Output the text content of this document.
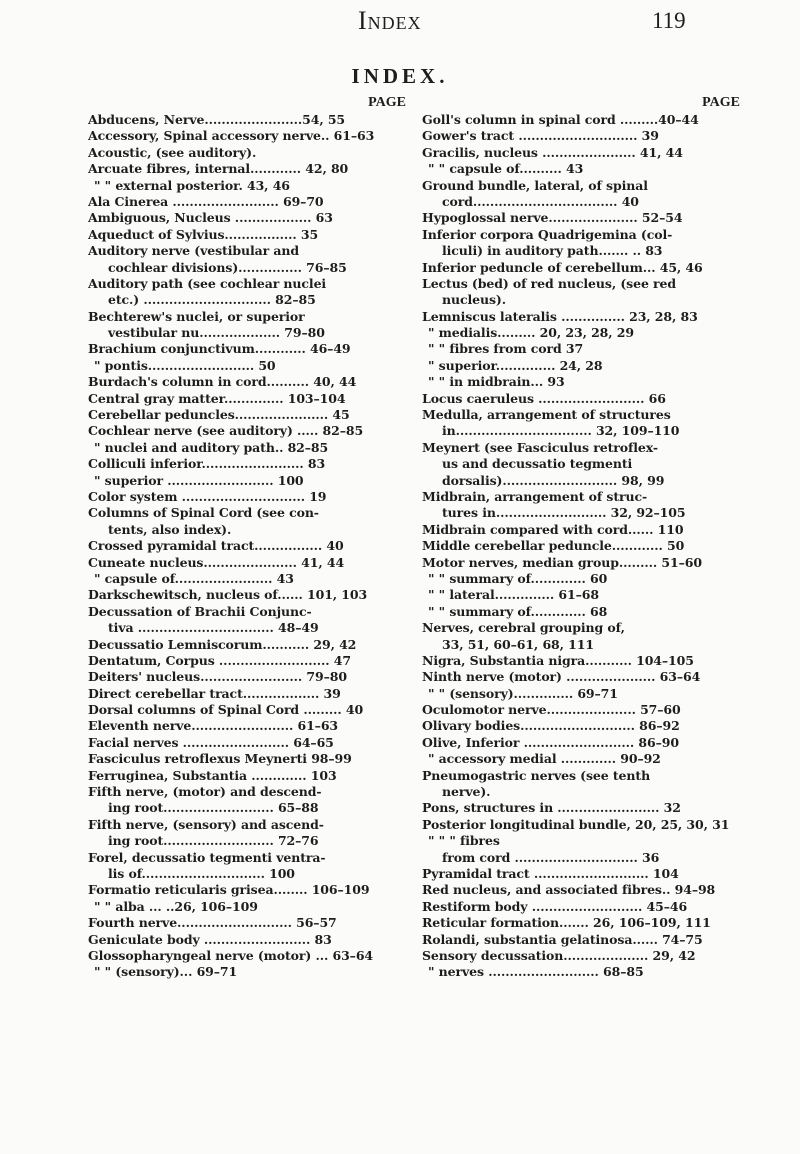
Index	119
INDEX.
PAGE
Abducens, Nerve.......................54, 55
Accessory, Spinal accessory nerve.. 61–63
Acoustic, (see auditory).
Arcuate fibres, internal............ 42, 80
" " external posterior. 43, 46
Ala Cinerea ......................... 69–70
Ambiguous, Nucleus .................. 63
Aqueduct of Sylvius................. 35
Auditory nerve (vestibular and
cochlear divisions)............... 76–85
Auditory path (see cochlear nuclei
etc.) .............................. 82–85
Bechterew's nuclei, or superior
vestibular nu................... 79–80
Brachium conjunctivum............ 46–49
" pontis......................... 50
Burdach's column in cord.......... 40, 44
Central gray matter.............. 103–104
Cerebellar peduncles...................... 45
Cochlear nerve (see auditory) ..... 82–85
" nuclei and auditory path.. 82–85
Colliculi inferior........................ 83
" superior ......................... 100
Color system ............................. 19
Columns of Spinal Cord (see con-
tents, also index).
Crossed pyramidal tract................ 40
Cuneate nucleus...................... 41, 44
" capsule of....................... 43
Darkschewitsch, nucleus of...... 101, 103
Decussation of Brachii Conjunc-
tiva ................................ 48–49
Decussatio Lemniscorum........... 29, 42
Dentatum, Corpus .......................... 47
Deiters' nucleus........................ 79–80
Direct cerebellar tract.................. 39
Dorsal columns of Spinal Cord ......... 40
Eleventh nerve........................ 61–63
Facial nerves ......................... 64–65
Fasciculus retroflexus Meynerti 98–99
Ferruginea, Substantia ............. 103
Fifth nerve, (motor) and descend-
ing root.......................... 65–88
Fifth nerve, (sensory) and ascend-
ing root.......................... 72–76
Forel, decussatio tegmenti ventra-
lis of............................. 100
Formatio reticularis grisea........ 106–109
" " alba ... ..26, 106–109
Fourth nerve........................... 56–57
Geniculate body ......................... 83
Glossopharyngeal nerve (motor) ... 63–64
" " (sensory)... 69–71
PAGE
Goll's column in spinal cord .........40–44
Gower's tract ............................ 39
Gracilis, nucleus ...................... 41, 44
" " capsule of.......... 43
Ground bundle, lateral, of spinal
cord.................................. 40
Hypoglossal nerve..................... 52–54
Inferior corpora Quadrigemina (col-
liculi) in auditory path....... .. 83
Inferior peduncle of cerebellum... 45, 46
Lectus (bed) of red nucleus, (see red
nucleus).
Lemniscus lateralis ............... 23, 28, 83
" medialis......... 20, 23, 28, 29
" " fibres from cord 37
" superior.............. 24, 28
" " in midbrain... 93
Locus caeruleus ......................... 66
Medulla, arrangement of structures
in................................ 32, 109–110
Meynert (see Fasciculus retroflex-
us and decussatio tegmenti
dorsalis)........................... 98, 99
Midbrain, arrangement of struc-
tures in.......................... 32, 92–105
Midbrain compared with cord...... 110
Middle cerebellar peduncle............ 50
Motor nerves, median group......... 51–60
" " summary of............. 60
" " lateral.............. 61–68
" " summary of............. 68
Nerves, cerebral grouping of,
33, 51, 60–61, 68, 111
Nigra, Substantia nigra........... 104–105
Ninth nerve (motor) ..................... 63–64
" " (sensory).............. 69–71
Oculomotor nerve..................... 57–60
Olivary bodies........................... 86–92
Olive, Inferior .......................... 86–90
" accessory medial ............. 90–92
Pneumogastric nerves (see tenth
nerve).
Pons, structures in ........................ 32
Posterior longitudinal bundle, 20, 25, 30, 31
" " " fibres
from cord ............................. 36
Pyramidal tract ........................... 104
Red nucleus, and associated fibres.. 94–98
Restiform body .......................... 45–46
Reticular formation....... 26, 106–109, 111
Rolandi, substantia gelatinosa...... 74–75
Sensory decussation.................... 29, 42
" nerves .......................... 68–85
